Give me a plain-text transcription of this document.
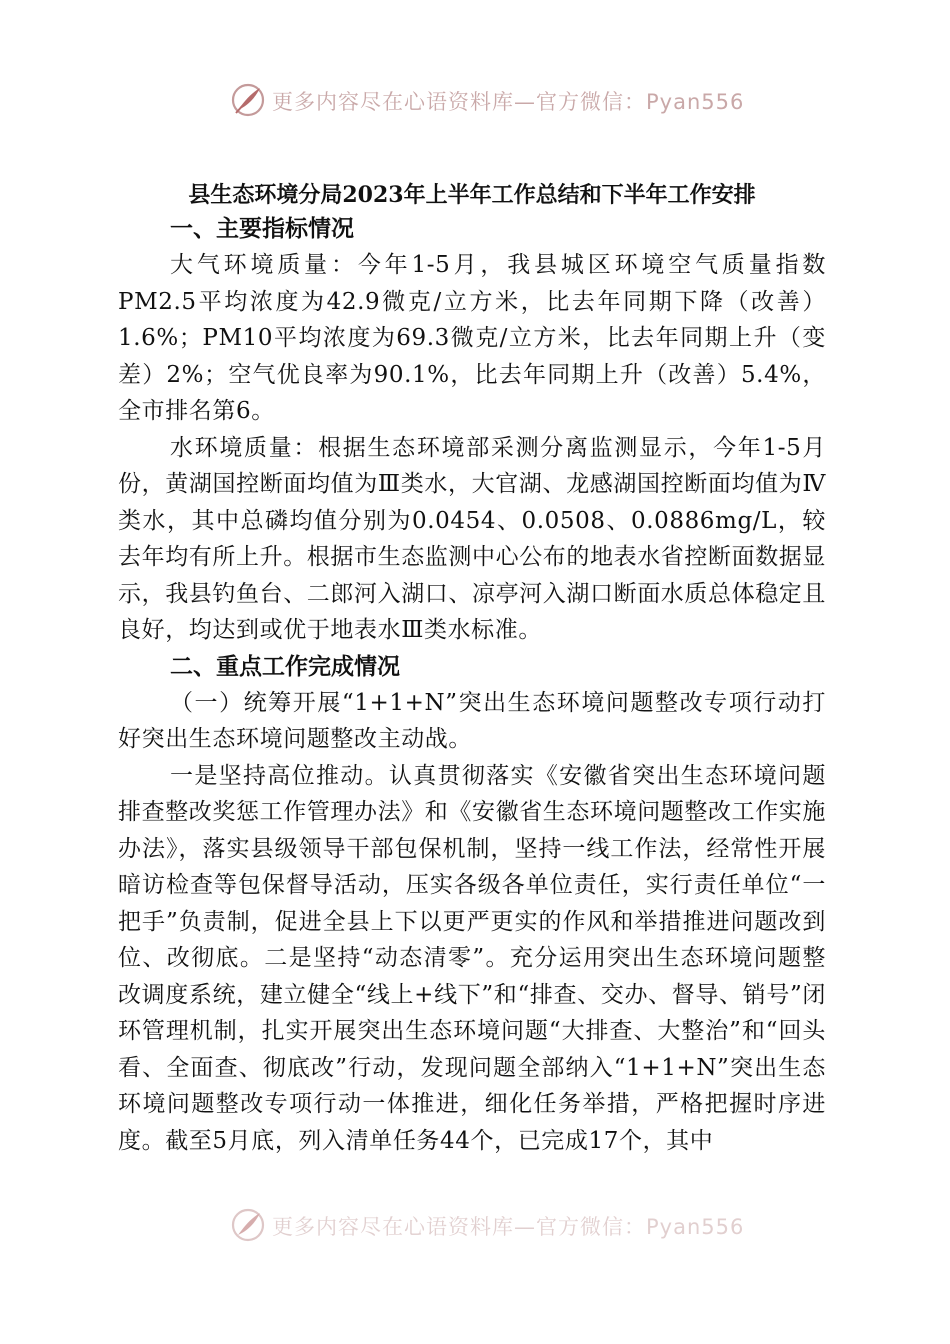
更多内容尽在心语资料库—官方微信：Pyan556
县生态环境分局2023年上半年工作总结和下半年工作安排
一、主要指标情况

大气环境质量：今年1-5月，我县城区环境空气质量指数PM2.5平均浓度为42.9微克/立方米，比去年同期下降（改善）1.6%；PM10平均浓度为69.3微克/立方米，比去年同期上升（变差）2%；空气优良率为90.1%，比去年同期上升（改善）5.4%，全市排名第6。

水环境质量：根据生态环境部采测分离监测显示，今年1-5月份，黄湖国控断面均值为Ⅲ类水，大官湖、龙感湖国控断面均值为Ⅳ类水，其中总磷均值分别为0.0454、0.0508、0.0886mg/L，较去年均有所上升。根据市生态监测中心公布的地表水省控断面数据显示，我县钓鱼台、二郎河入湖口、凉亭河入湖口断面水质总体稳定且良好，均达到或优于地表水Ⅲ类水标准。

二、重点工作完成情况

（一）统筹开展“1+1+N”突出生态环境问题整改专项行动打好突出生态环境问题整改主动战。

一是坚持高位推动。认真贯彻落实《安徽省突出生态环境问题排查整改奖惩工作管理办法》和《安徽省生态环境问题整改工作实施办法》，落实县级领导干部包保机制，坚持一线工作法，经常性开展暗访检查等包保督导活动，压实各级各单位责任，实行责任单位“一把手”负责制，促进全县上下以更严更实的作风和举措推进问题改到位、改彻底。二是坚持“动态清零”。充分运用突出生态环境问题整改调度系统，建立健全“线上+线下”和“排查、交办、督导、销号”闭环管理机制，扎实开展突出生态环境问题“大排查、大整治”和“回头看、全面查、彻底改”行动，发现问题全部纳入“1+1+N”突出生态环境问题整改专项行动一体推进，细化任务举措，严格把握时序进度。截至5月底，列入清单任务44个，已完成17个，其中

更多内容尽在心语资料库—官方微信：Pyan556
